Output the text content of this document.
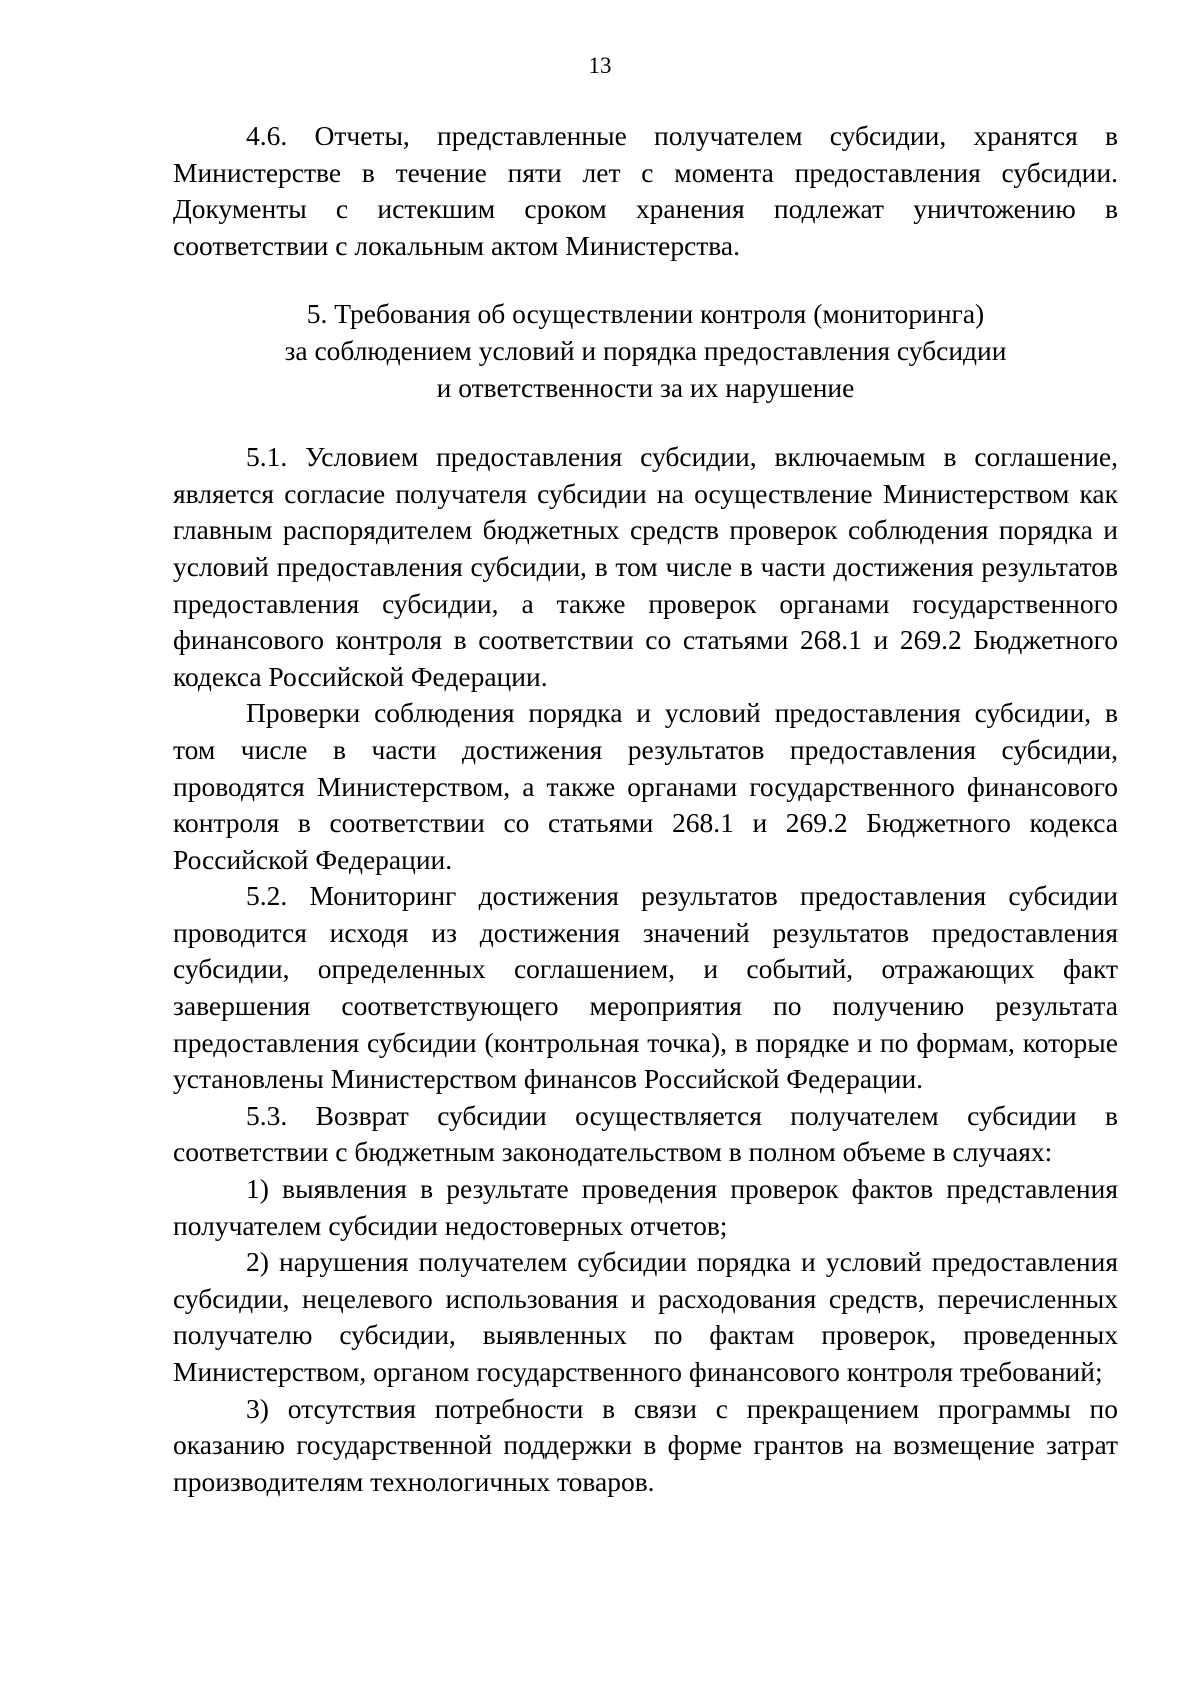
13

4.6. Отчеты, представленные получателем субсидии, хранятся в Министерстве в течение пяти лет с момента предоставления субсидии. Документы с истекшим сроком хранения подлежат уничтожению в соответствии с локальным актом Министерства.

5. Требования об осуществлении контроля (мониторинга)
за соблюдением условий и порядка предоставления субсидии
и ответственности за их нарушение

5.1. Условием предоставления субсидии, включаемым в соглашение, является согласие получателя субсидии на осуществление Министерством как главным распорядителем бюджетных средств проверок соблюдения порядка и условий предоставления субсидии, в том числе в части достижения результатов предоставления субсидии, а также проверок органами государственного финансового контроля в соответствии со статьями 268.1 и 269.2 Бюджетного кодекса Российской Федерации.

Проверки соблюдения порядка и условий предоставления субсидии, в том числе в части достижения результатов предоставления субсидии, проводятся Министерством, а также органами государственного финансового контроля в соответствии со статьями 268.1 и 269.2 Бюджетного кодекса Российской Федерации.

5.2. Мониторинг достижения результатов предоставления субсидии проводится исходя из достижения значений результатов предоставления субсидии, определенных соглашением, и событий, отражающих факт завершения соответствующего мероприятия по получению результата предоставления субсидии (контрольная точка), в порядке и по формам, которые установлены Министерством финансов Российской Федерации.

5.3. Возврат субсидии осуществляется получателем субсидии в соответствии с бюджетным законодательством в полном объеме в случаях:

1) выявления в результате проведения проверок фактов представления получателем субсидии недостоверных отчетов;

2) нарушения получателем субсидии порядка и условий предоставления субсидии, нецелевого использования и расходования средств, перечисленных получателю субсидии, выявленных по фактам проверок, проведенных Министерством, органом государственного финансового контроля требований;

3) отсутствия потребности в связи с прекращением программы по оказанию государственной поддержки в форме грантов на возмещение затрат производителям технологичных товаров.
